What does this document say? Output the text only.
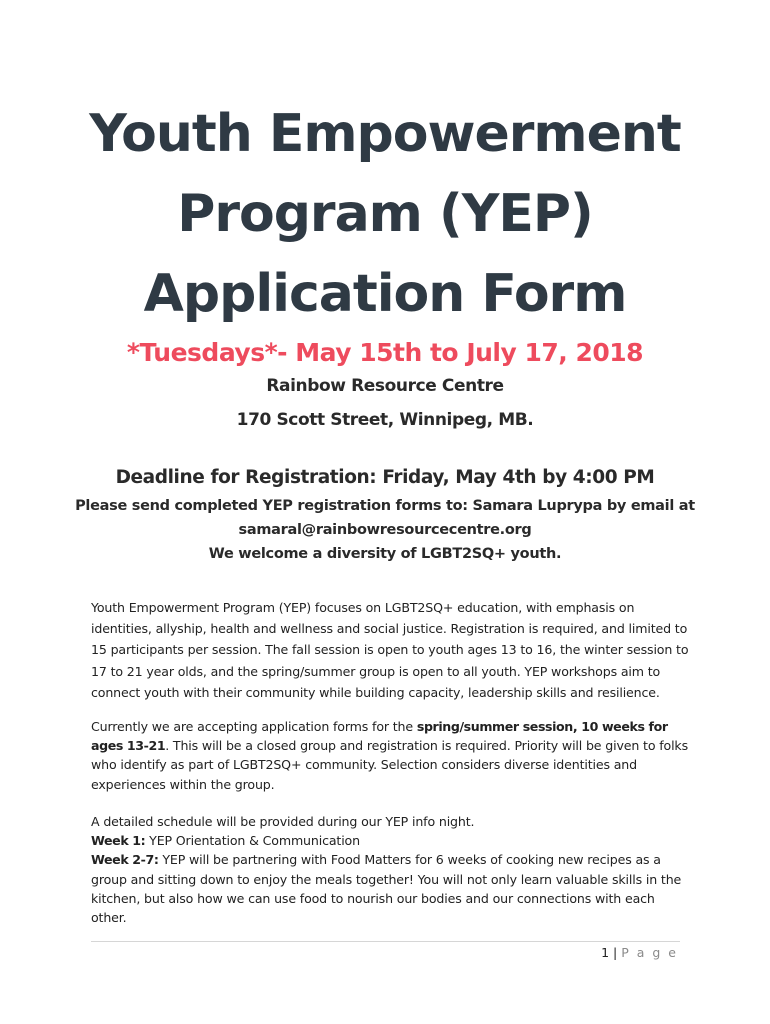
Youth Empowerment
Program (YEP)
Application Form
*Tuesdays*- May 15th to July 17, 2018
Rainbow Resource Centre
170 Scott Street, Winnipeg, MB.
Deadline for Registration: Friday, May 4th by 4:00 PM
Please send completed YEP registration forms to: Samara Luprypa by email at
samaral@rainbowresourcecentre.org
We welcome a diversity of LGBT2SQ+ youth.

Youth Empowerment Program (YEP) focuses on LGBT2SQ+ education, with emphasis on identities, allyship, health and wellness and social justice. Registration is required, and limited to 15 participants per session. The fall session is open to youth ages 13 to 16, the winter session to 17 to 21 year olds, and the spring/summer group is open to all youth. YEP workshops aim to connect youth with their community while building capacity, leadership skills and resilience.

Currently we are accepting application forms for the spring/summer session, 10 weeks for ages 13-21. This will be a closed group and registration is required. Priority will be given to folks who identify as part of LGBT2SQ+ community. Selection considers diverse identities and experiences within the group.

A detailed schedule will be provided during our YEP info night.

Week 1: YEP Orientation & Communication

Week 2-7: YEP will be partnering with Food Matters for 6 weeks of cooking new recipes as a group and sitting down to enjoy the meals together! You will not only learn valuable skills in the kitchen, but also how we can use food to nourish our bodies and our connections with each other.

1 | P a g e
